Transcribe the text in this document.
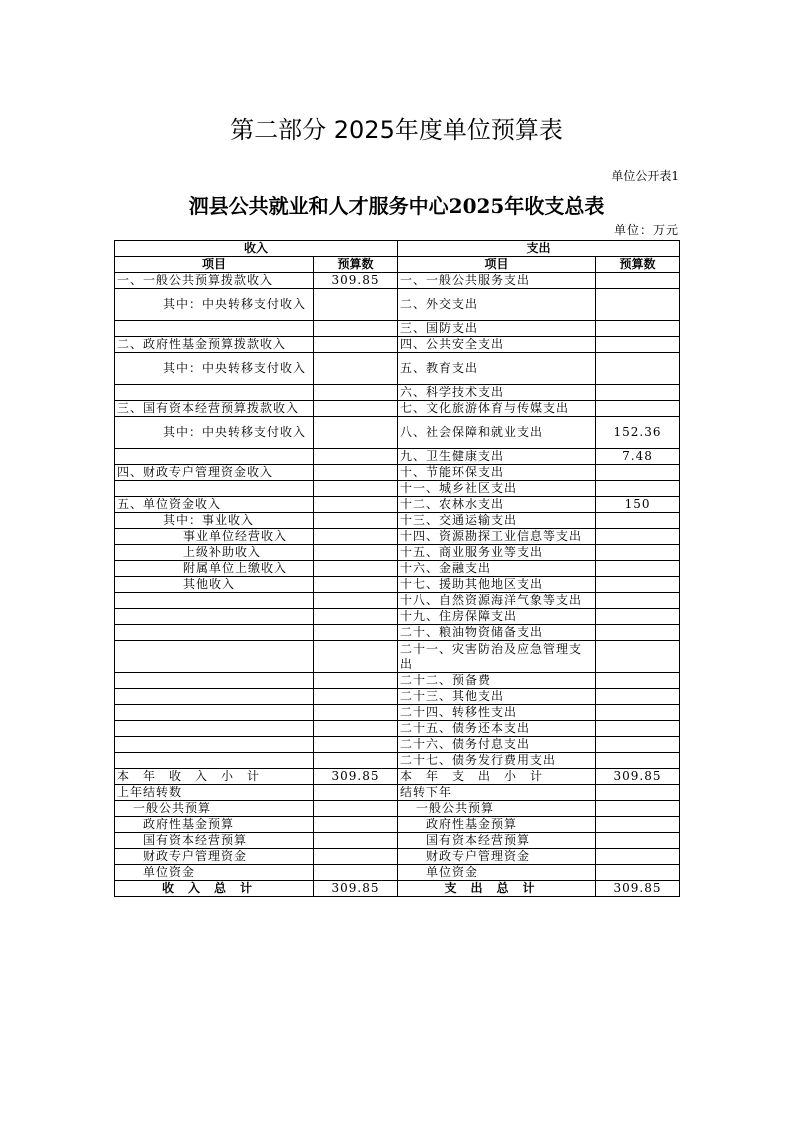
第二部分 2025年度单位预算表
单位公开表1
泗县公共就业和人才服务中心2025年收支总表
单位：万元
收入		支出	
项目	预算数	项目	预算数
一、一般公共预算拨款收入	309.85	一、一般公共服务支出	
其中：中央转移支付收入		二、外交支出	
		三、国防支出	
二、政府性基金预算拨款收入		四、公共安全支出	
其中：中央转移支付收入		五、教育支出	
		六、科学技术支出	
三、国有资本经营预算拨款收入		七、文化旅游体育与传媒支出	
其中：中央转移支付收入		八、社会保障和就业支出	152.36
		九、卫生健康支出	7.48
四、财政专户管理资金收入		十、节能环保支出	
		十一、城乡社区支出	
五、单位资金收入		十二、农林水支出	150
其中：事业收入		十三、交通运输支出	
事业单位经营收入		十四、资源勘探工业信息等支出	
上级补助收入		十五、商业服务业等支出	
附属单位上缴收入		十六、金融支出	
其他收入		十七、援助其他地区支出	
		十八、自然资源海洋气象等支出	
		十九、住房保障支出	
		二十、粮油物资储备支出	
		二十一、灾害防治及应急管理支出	
		二十二、预备费	
		二十三、其他支出	
		二十四、转移性支出	
		二十五、债务还本支出	
		二十六、债务付息支出	
		二十七、债务发行费用支出	
本年收入小计	309.85	本年支出小计	309.85
上年结转数		结转下年	
一般公共预算		一般公共预算	
政府性基金预算		政府性基金预算	
国有资本经营预算		国有资本经营预算	
财政专户管理资金		财政专户管理资金	
单位资金		单位资金	
收入总计	309.85	支出总计	309.85
